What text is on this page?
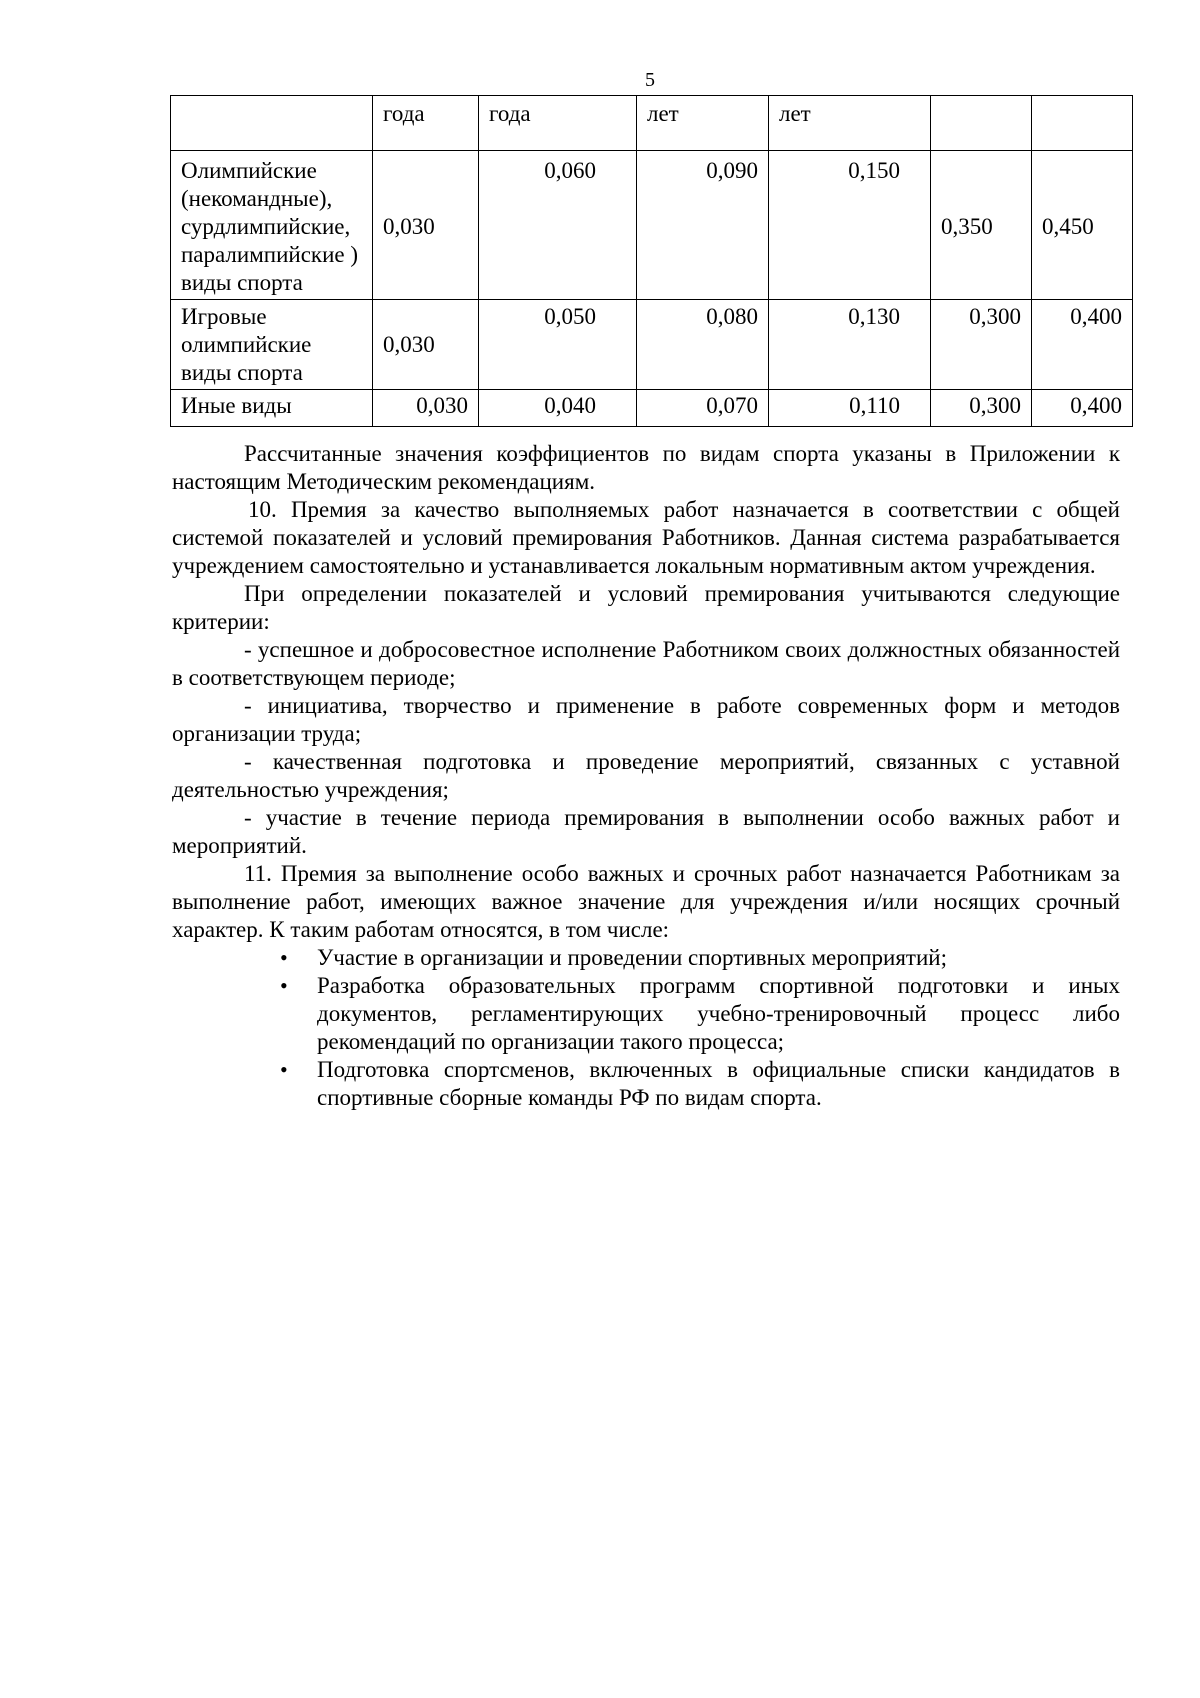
5
	года	года	лет	лет		
Олимпийские (некомандные), сурдлимпийские, паралимпийские ) виды спорта	0,030	0,060	0,090	0,150	0,350	0,450
Игровые олимпийские виды спорта	0,030	0,050	0,080	0,130	0,300	0,400
Иные виды	0,030	0,040	0,070	0,110	0,300	0,400

Рассчитанные значения коэффициентов по видам спорта указаны в Приложении к настоящим Методическим рекомендациям.

10. Премия за качество выполняемых работ назначается в соответствии с общей системой показателей и условий премирования Работников. Данная система разрабатывается учреждением самостоятельно и устанавливается локальным нормативным актом учреждения.

При определении показателей и условий премирования учитываются следующие критерии:

- успешное и добросовестное исполнение Работником своих должностных обязанностей в соответствующем периоде;

- инициатива, творчество и применение в работе современных форм и методов организации труда;

- качественная подготовка и проведение мероприятий, связанных с уставной деятельностью учреждения;

- участие в течение периода премирования в выполнении особо важных работ и мероприятий.

11. Премия за выполнение особо важных и срочных работ назначается Работникам за выполнение работ, имеющих важное значение для учреждения и/или носящих срочный характер. К таким работам относятся, в том числе:

• Участие в организации и проведении спортивных мероприятий;
• Разработка образовательных программ спортивной подготовки и иных документов, регламентирующих учебно-тренировочный процесс либо рекомендаций по организации такого процесса;
• Подготовка спортсменов, включенных в официальные списки кандидатов в спортивные сборные команды РФ по видам спорта.
